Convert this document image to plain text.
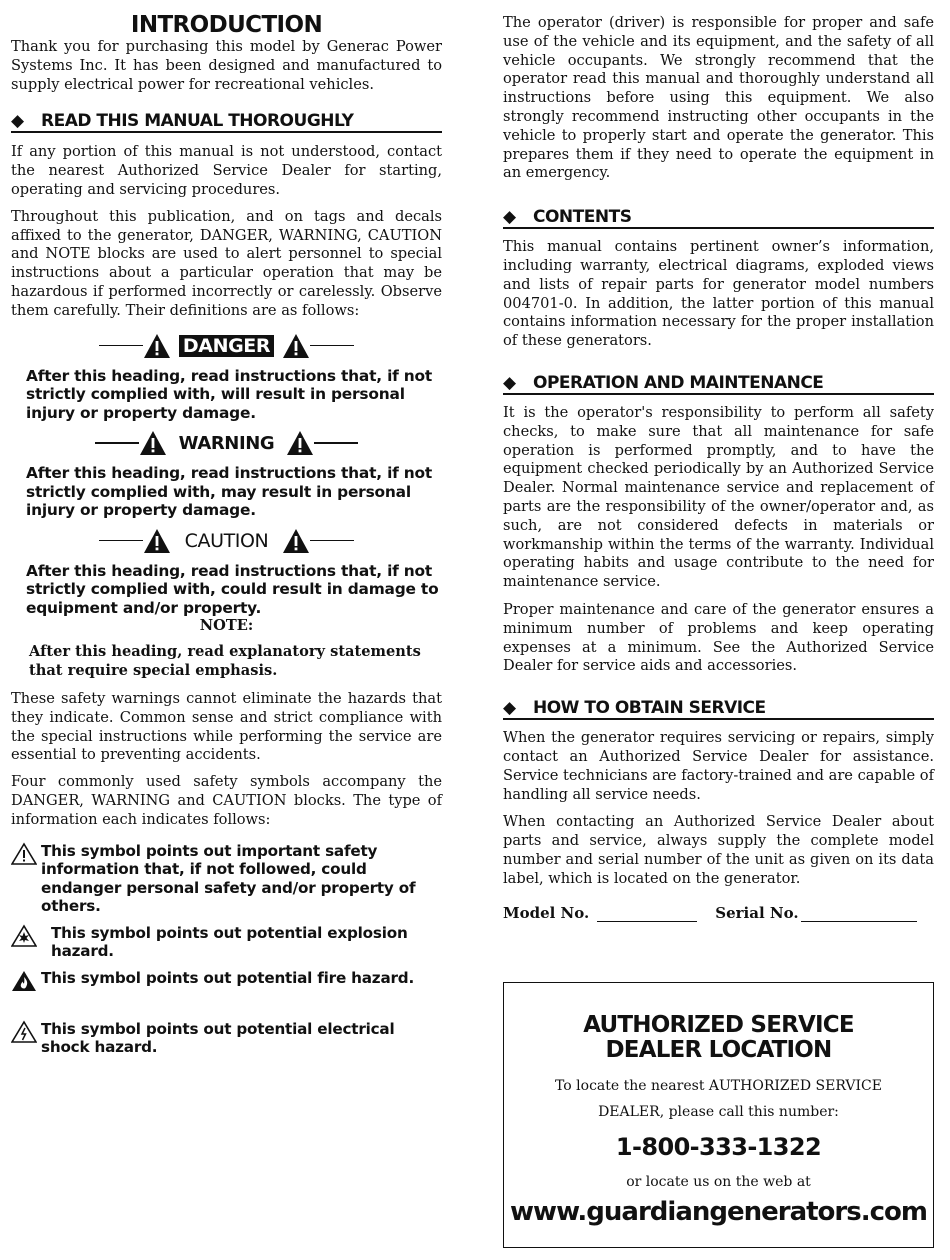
INTRODUCTION

Thank you for purchasing this model by Generac Power Systems Inc. It has been designed and manufactured to supply electrical power for recreational vehicles.

◆	READ THIS MANUAL THOROUGHLY

If any portion of this manual is not understood, contact the nearest Authorized Service Dealer for starting, operating and servicing procedures.

Throughout this publication, and on tags and decals affixed to the generator, DANGER, WARNING, CAUTION and NOTE blocks are used to alert personnel to special instructions about a particular operation that may be hazardous if performed incorrectly or carelessly. Observe them carefully. Their definitions are as follows:

DANGER

After this heading, read instructions that, if not strictly complied with, will result in personal injury or property damage.

WARNING

After this heading, read instructions that, if not strictly complied with, may result in personal injury or property damage.

CAUTION

After this heading, read instructions that, if not strictly complied with, could result in damage to equipment and/or property.

NOTE:

After this heading, read explanatory statements that require special emphasis.

These safety warnings cannot eliminate the hazards that they indicate. Common sense and strict compliance with the special instructions while performing the service are essential to preventing accidents.

Four commonly used safety symbols accompany the DANGER, WARNING and CAUTION blocks. The type of information each indicates follows:

This symbol points out important safety information that, if not followed, could endanger personal safety and/or property of others.
This symbol points out potential explosion hazard.
This symbol points out potential fire hazard.
This symbol points out potential electrical shock hazard.

The operator (driver) is responsible for proper and safe use of the vehicle and its equipment, and the safety of all vehicle occupants. We strongly recommend that the operator read this manual and thoroughly understand all instructions before using this equipment. We also strongly recommend instructing other occupants in the vehicle to properly start and operate the generator. This prepares them if they need to operate the equipment in an emergency.

◆	CONTENTS

This manual contains pertinent owner’s information, including warranty, electrical diagrams, exploded views and lists of repair parts for generator model numbers 004701-0. In addition, the latter portion of this manual contains information necessary for the proper installation of these generators.

◆	OPERATION AND MAINTENANCE

It is the operator's responsibility to perform all safety checks, to make sure that all maintenance for safe operation is performed promptly, and to have the equipment checked periodically by an Authorized Service Dealer. Normal maintenance service and replacement of parts are the responsibility of the owner/operator and, as such, are not considered defects in materials or workmanship within the terms of the warranty. Individual operating habits and usage contribute to the need for maintenance service.

Proper maintenance and care of the generator ensures a minimum number of problems and keep operating expenses at a minimum. See the Authorized Service Dealer for service aids and accessories.

◆	HOW TO OBTAIN SERVICE

When the generator requires servicing or repairs, simply contact an Authorized Service Dealer for assistance. Service technicians are factory-trained and are capable of handling all service needs.

When contacting an Authorized Service Dealer about parts and service, always supply the complete model number and serial number of the unit as given on its data label, which is located on the generator.

Model No.	Serial No.
AUTHORIZED SERVICE
DEALER LOCATION

To locate the nearest AUTHORIZED SERVICE

DEALER, please call this number:

1-800-333-1322

or locate us on the web at

www.guardiangenerators.com
